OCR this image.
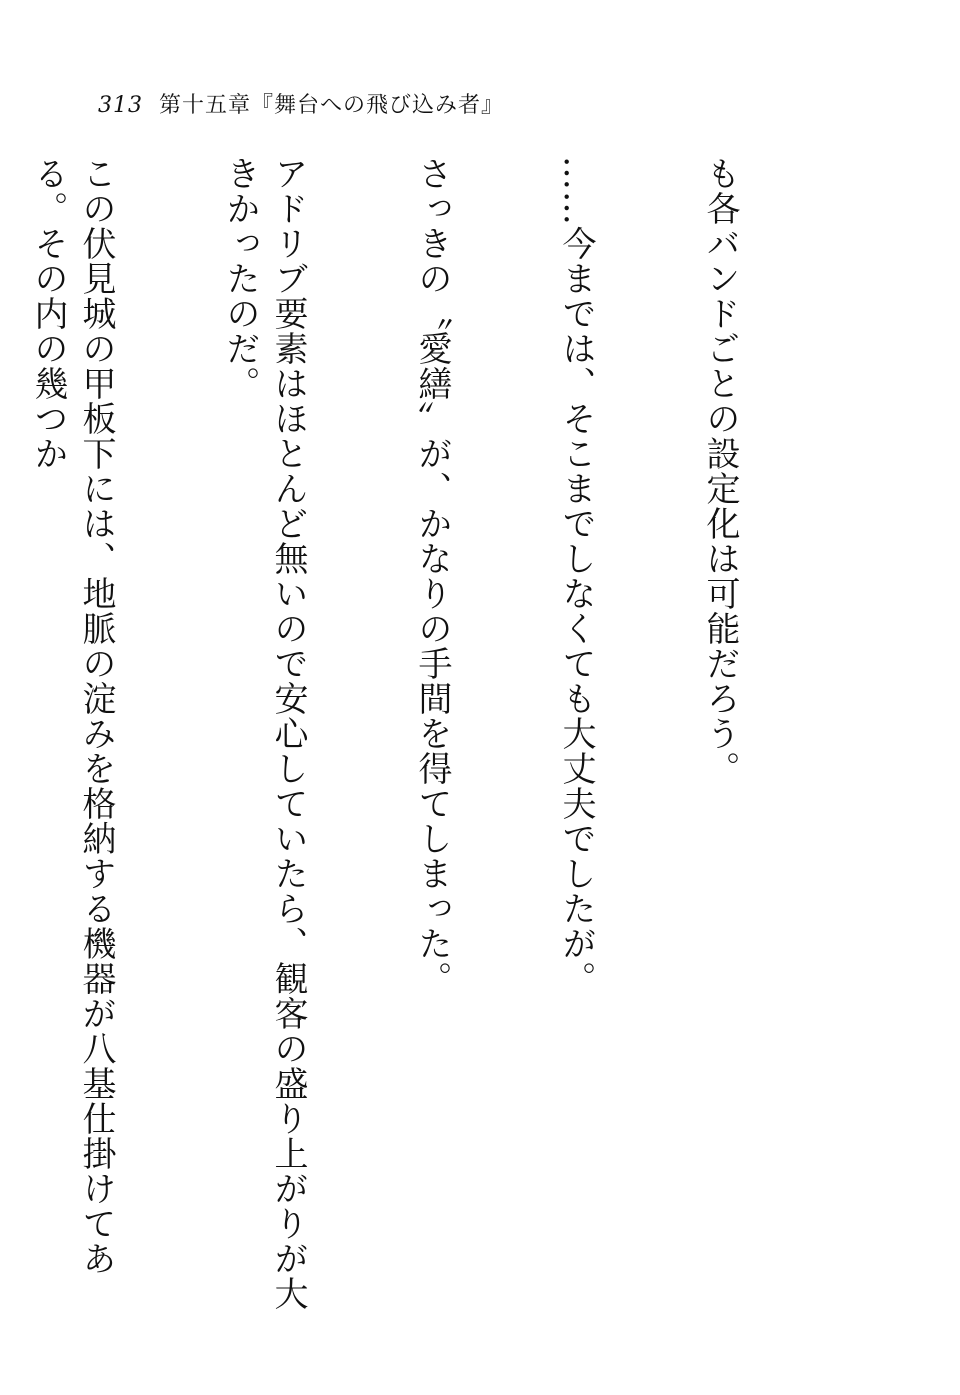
313 第十五章『舞台への飛び込み者』

も各バンドごとの設定化は可能だろう。

……今までは、そこまでしなくても大丈夫でしたが。

さっきの〝愛繕〟が、かなりの手間を得てしまった。

アドリブ要素はほとんど無いので安心していたら、観客の盛り上がりが大きかったのだ。

この伏見城の甲板下には、地脈の淀みを格納する機器が八基仕掛けてある。その内の幾つか
